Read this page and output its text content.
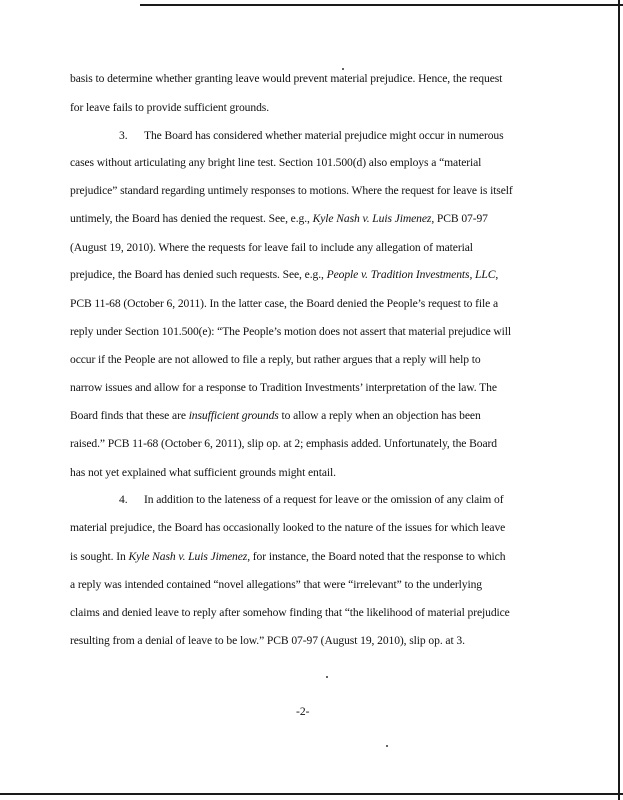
basis to determine whether granting leave would prevent material prejudice. Hence, the request
for leave fails to provide sufficient grounds.
3. The Board has considered whether material prejudice might occur in numerous
cases without articulating any bright line test. Section 101.500(d) also employs a “material
prejudice” standard regarding untimely responses to motions. Where the request for leave is itself
untimely, the Board has denied the request. See, e.g., Kyle Nash v. Luis Jimenez, PCB 07-97
(August 19, 2010). Where the requests for leave fail to include any allegation of material
prejudice, the Board has denied such requests. See, e.g., People v. Tradition Investments, LLC,
PCB 11-68 (October 6, 2011). In the latter case, the Board denied the People’s request to file a
reply under Section 101.500(e): “The People’s motion does not assert that material prejudice will
occur if the People are not allowed to file a reply, but rather argues that a reply will help to
narrow issues and allow for a response to Tradition Investments’ interpretation of the law. The
Board finds that these are insufficient grounds to allow a reply when an objection has been
raised.” PCB 11-68 (October 6, 2011), slip op. at 2; emphasis added. Unfortunately, the Board
has not yet explained what sufficient grounds might entail.
4. In addition to the lateness of a request for leave or the omission of any claim of
material prejudice, the Board has occasionally looked to the nature of the issues for which leave
is sought. In Kyle Nash v. Luis Jimenez, for instance, the Board noted that the response to which
a reply was intended contained “novel allegations” that were “irrelevant” to the underlying
claims and denied leave to reply after somehow finding that “the likelihood of material prejudice
resulting from a denial of leave to be low.” PCB 07-97 (August 19, 2010), slip op. at 3.
-2-
